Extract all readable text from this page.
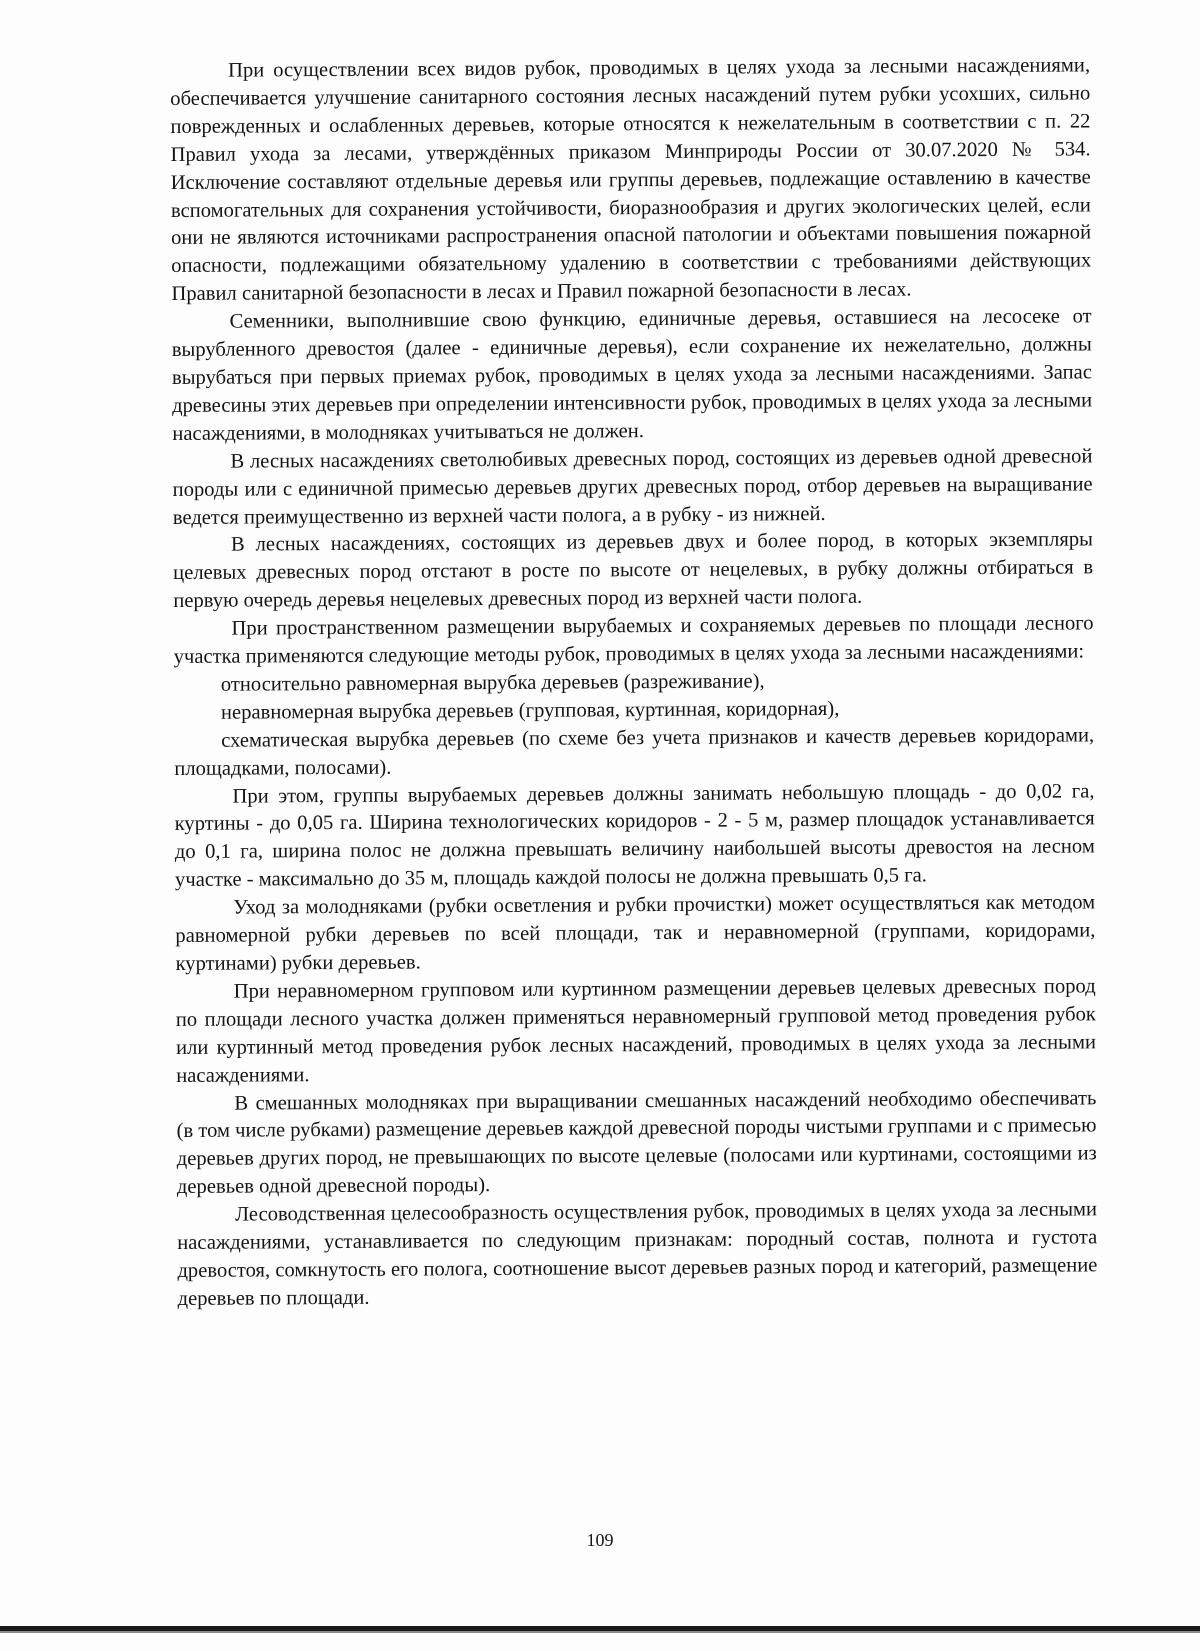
При осуществлении всех видов рубок, проводимых в целях ухода за лесными насаждениями, обеспечивается улучшение санитарного состояния лесных насаждений путем рубки усохших, сильно поврежденных и ослабленных деревьев, которые относятся к нежелательным в соответствии с п. 22 Правил ухода за лесами, утверждённых приказом Минприроды России от 30.07.2020 № 534. Исключение составляют отдельные деревья или группы деревьев, подлежащие оставлению в качестве вспомогательных для сохранения устойчивости, биоразнообразия и других экологических целей, если они не являются источниками распространения опасной патологии и объектами повышения пожарной опасности, подлежащими обязательному удалению в соответствии с требованиями действующих Правил санитарной безопасности в лесах и Правил пожарной безопасности в лесах.

Семенники, выполнившие свою функцию, единичные деревья, оставшиеся на лесосеке от вырубленного древостоя (далее - единичные деревья), если сохранение их нежелательно, должны вырубаться при первых приемах рубок, проводимых в целях ухода за лесными насаждениями. Запас древесины этих деревьев при определении интенсивности рубок, проводимых в целях ухода за лесными насаждениями, в молодняках учитываться не должен.

В лесных насаждениях светолюбивых древесных пород, состоящих из деревьев одной древесной породы или с единичной примесью деревьев других древесных пород, отбор деревьев на выращивание ведется преимущественно из верхней части полога, а в рубку - из нижней.

В лесных насаждениях, состоящих из деревьев двух и более пород, в которых экземпляры целевых древесных пород отстают в росте по высоте от нецелевых, в рубку должны отбираться в первую очередь деревья нецелевых древесных пород из верхней части полога.

При пространственном размещении вырубаемых и сохраняемых деревьев по площади лесного участка применяются следующие методы рубок, проводимых в целях ухода за лесными насаждениями:

относительно равномерная вырубка деревьев (разреживание),

неравномерная вырубка деревьев (групповая, куртинная, коридорная),

схематическая вырубка деревьев (по схеме без учета признаков и качеств деревьев коридорами, площадками, полосами).

При этом, группы вырубаемых деревьев должны занимать небольшую площадь - до 0,02 га, куртины - до 0,05 га. Ширина технологических коридоров - 2 - 5 м, размер площадок устанавливается до 0,1 га, ширина полос не должна превышать величину наибольшей высоты древостоя на лесном участке - максимально до 35 м, площадь каждой полосы не должна превышать 0,5 га.

Уход за молодняками (рубки осветления и рубки прочистки) может осуществляться как методом равномерной рубки деревьев по всей площади, так и неравномерной (группами, коридорами, куртинами) рубки деревьев.

При неравномерном групповом или куртинном размещении деревьев целевых древесных пород по площади лесного участка должен применяться неравномерный групповой метод проведения рубок или куртинный метод проведения рубок лесных насаждений, проводимых в целях ухода за лесными насаждениями.

В смешанных молодняках при выращивании смешанных насаждений необходимо обеспечивать (в том числе рубками) размещение деревьев каждой древесной породы чистыми группами и с примесью деревьев других пород, не превышающих по высоте целевые (полосами или куртинами, состоящими из деревьев одной древесной породы).

Лесоводственная целесообразность осуществления рубок, проводимых в целях ухода за лесными насаждениями, устанавливается по следующим признакам: породный состав, полнота и густота древостоя, сомкнутость его полога, соотношение высот деревьев разных пород и категорий, размещение деревьев по площади.

109
